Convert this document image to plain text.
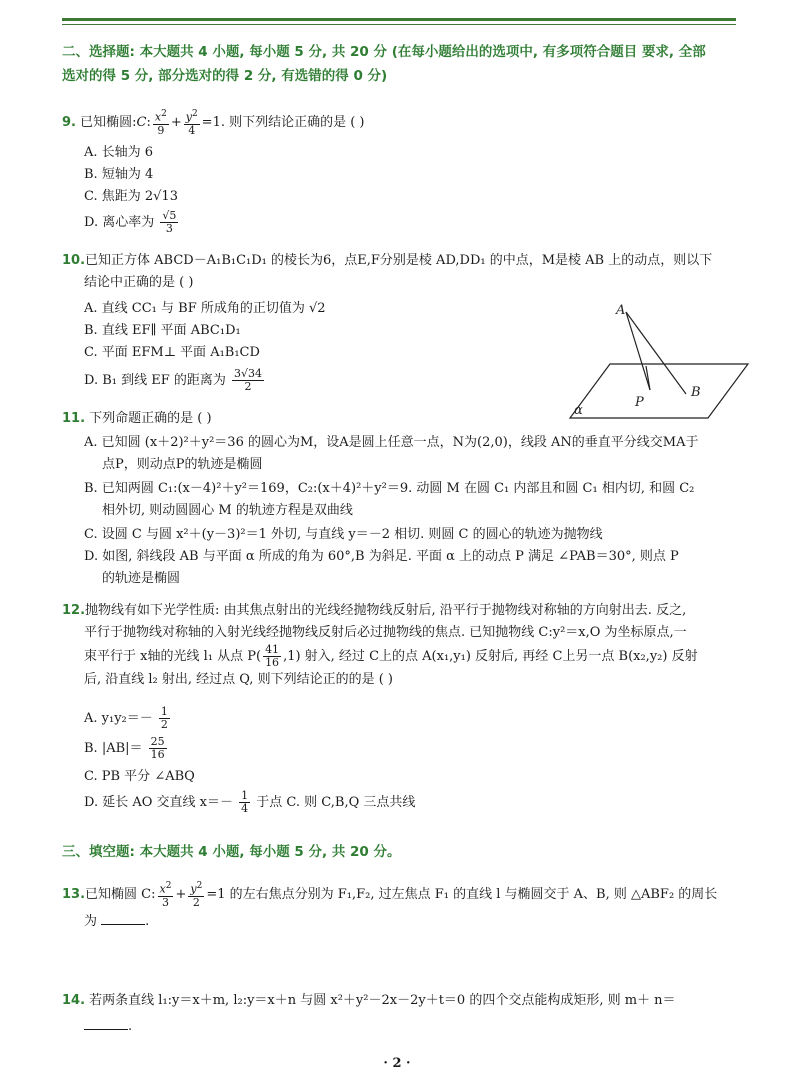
二、选择题: 本大题共 4 小题, 每小题 5 分, 共 20 分 (在每小题给出的选项中, 有多项符合题目 要求, 全部
选对的得 5 分, 部分选对的得 2 分, 有选错的得 0 分)
9. 已知椭圆:C: $\frac{x^2}{9} + \frac{y^2}{4} =1$. 则下列结论正确的是 ( )
A. 长轴为 6
B. 短轴为 4
C. 焦距为 2√13
D. 离心率为 $\frac{√5}{3}$
10.已知正方体 ABCD－A₁B₁C₁D₁ 的棱长为6，点E,F分别是棱 AD,DD₁ 的中点，M是棱 AB 上的动点，则以下
结论中正确的是 ( )
A. 直线 CC₁ 与 BF 所成角的正切值为 √2
B. 直线 EF∥ 平面 ABC₁D₁
C. 平面 EFM⊥ 平面 A₁B₁CD
D. B₁ 到线 EF 的距离为 $\frac{3√34}{2}$
A
B
P
α
11. 下列命题正确的是 ( )
A. 已知圆 (x＋2)²＋y²＝36 的圆心为M，设A是圆上任意一点，N为(2,0)，线段 AN的垂直平分线交MA于
点P，则动点P的轨迹是椭圆
B. 已知两圆 C₁:(x－4)²＋y²＝169，C₂:(x＋4)²＋y²＝9. 动圆 M 在圆 C₁ 内部且和圆 C₁ 相内切, 和圆 C₂
相外切, 则动圆圆心 M 的轨迹方程是双曲线
C. 设圆 C 与圆 x²＋(y－3)²＝1 外切, 与直线 y＝－2 相切. 则圆 C 的圆心的轨迹为抛物线
D. 如图, 斜线段 AB 与平面 α 所成的角为 60°,B 为斜足. 平面 α 上的动点 P 满足 ∠PAB＝30°, 则点 P
的轨迹是椭圆
12.抛物线有如下光学性质: 由其焦点射出的光线经抛物线反射后, 沿平行于抛物线对称轴的方向射出去. 反之,
平行于抛物线对称轴的入射光线经抛物线反射后必过抛物线的焦点. 已知抛物线 C:y²＝x,O 为坐标原点,一
束平行于 x轴的光线 l₁ 从点 $P( \frac{41}{16} ,1)$ 射入, 经过 C上的点 A(x₁,y₁) 反射后, 再经 C上另一点 B(x₂,y₂) 反射
后, 沿直线 l₂ 射出, 经过点 Q, 则下列结论正的的是 ( )
A. $y_1y_2=- \frac{1}{2}$
B. $|AB|= \frac{25}{16}$
C. PB 平分 ∠ABQ
D. 延长 AO 交直线 $x=- \frac{1}{4}$ 于点 C. 则 C,B,Q 三点共线
三、填空题: 本大题共 4 小题, 每小题 5 分, 共 20 分。
13.已知椭圆 C: $\frac{x^2}{3} + \frac{y^2}{2} =1$ 的左右焦点分别为 F₁,F₂, 过左焦点 F₁ 的直线 l 与椭圆交于 A、B, 则 △ABF₂ 的周长
为	.
14. 若两条直线 l₁:y＝x＋m, l₂:y＝x＋n 与圆 x²＋y²－2x－2y＋t＝0 的四个交点能构成矩形, 则 m＋ n＝
.
· 2 ·
